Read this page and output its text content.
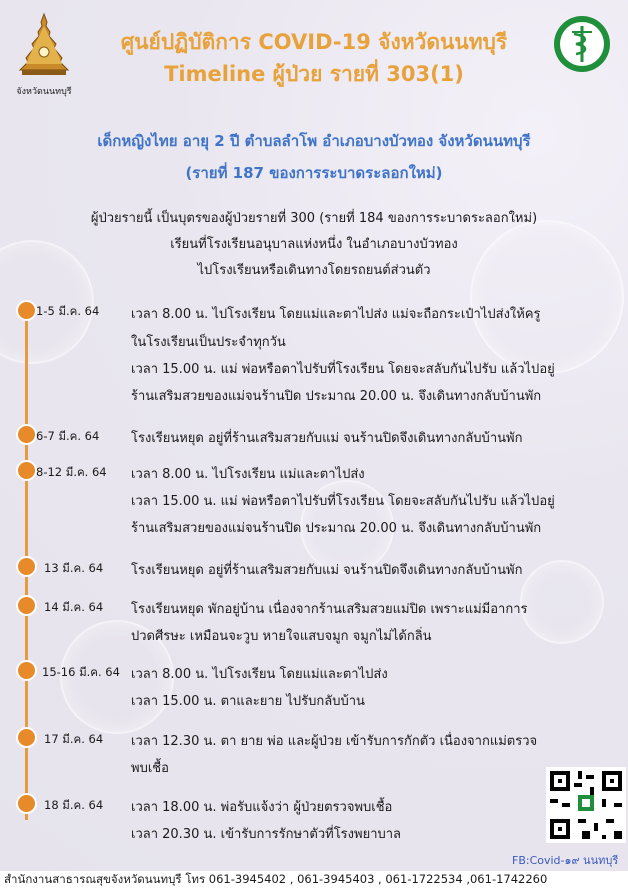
จังหวัดนนทบุรี
ศูนย์ปฏิบัติการ COVID-19 จังหวัดนนทบุรี
Timeline ผู้ป่วย รายที่ 303(1)
เด็กหญิงไทย อายุ 2 ปี ตำบลลำโพ อำเภอบางบัวทอง จังหวัดนนทบุรี
(รายที่ 187 ของการระบาดระลอกใหม่)
ผู้ป่วยรายนี้ เป็นบุตรของผู้ป่วยรายที่ 300 (รายที่ 184 ของการระบาดระลอกใหม่)
เรียนที่โรงเรียนอนุบาลแห่งหนึ่ง ในอำเภอบางบัวทอง
ไปโรงเรียนหรือเดินทางโดยรถยนต์ส่วนตัว
1-5 มี.ค. 64	เวลา 8.00 น. ไปโรงเรียน โดยแม่และตาไปส่ง แม่จะถือกระเป๋าไปส่งให้ครู
ในโรงเรียนเป็นประจำทุกวัน
เวลา 15.00 น. แม่ พ่อหรือตาไปรับที่โรงเรียน โดยจะสลับกันไปรับ แล้วไปอยู่
ร้านเสริมสวยของแม่จนร้านปิด ประมาณ 20.00 น. จึงเดินทางกลับบ้านพัก
6-7 มี.ค. 64	โรงเรียนหยุด อยู่ที่ร้านเสริมสวยกับแม่ จนร้านปิดจึงเดินทางกลับบ้านพัก
8-12 มี.ค. 64	เวลา 8.00 น. ไปโรงเรียน แม่และตาไปส่ง
เวลา 15.00 น. แม่ พ่อหรือตาไปรับที่โรงเรียน โดยจะสลับกันไปรับ แล้วไปอยู่
ร้านเสริมสวยของแม่จนร้านปิด ประมาณ 20.00 น. จึงเดินทางกลับบ้านพัก
13 มี.ค. 64	โรงเรียนหยุด อยู่ที่ร้านเสริมสวยกับแม่ จนร้านปิดจึงเดินทางกลับบ้านพัก
14 มี.ค. 64	โรงเรียนหยุด พักอยู่บ้าน เนื่องจากร้านเสริมสวยแม่ปิด เพราะแม่มีอาการ
ปวดศีรษะ เหมือนจะวูบ หายใจแสบจมูก จมูกไม่ได้กลิ่น
15-16 มี.ค. 64 เวลา 8.00 น. ไปโรงเรียน โดยแม่และตาไปส่ง
เวลา 15.00 น. ตาและยาย ไปรับกลับบ้าน
17 มี.ค. 64	เวลา 12.30 น. ตา ยาย พ่อ และผู้ป่วย เข้ารับการกักตัว เนื่องจากแม่ตรวจ
พบเชื้อ
18 มี.ค. 64	เวลา 18.00 น. พ่อรับแจ้งว่า ผู้ป่วยตรวจพบเชื้อ
เวลา 20.30 น. เข้ารับการรักษาตัวที่โรงพยาบาล
FB:Covid-๑๙ นนทบุรี
สำนักงานสาธารณสุขจังหวัดนนทบุรี โทร 061-3945402 , 061-3945403 , 061-1722534 ,061-1742260
